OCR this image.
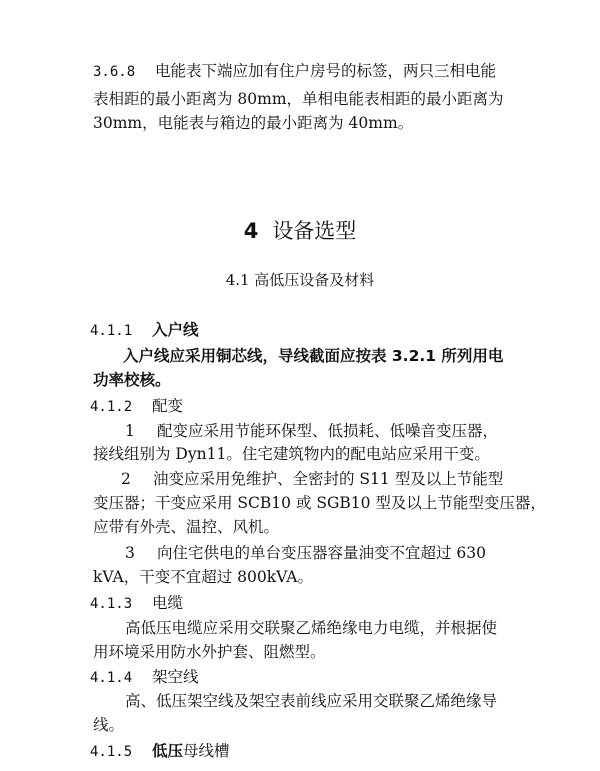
3.6.8 电能表下端应加有住户房号的标签，两只三相电能
表相距的最小距离为 80mm，单相电能表相距的最小距离为
30mm，电能表与箱边的最小距离为 40mm。
4 设备选型
4.1 高低压设备及材料
4.1.1 入户线
入户线应采用铜芯线，导线截面应按表 3.2.1 所列用电
功率校核。
4.1.2 配变
1 配变应采用节能环保型、低损耗、低噪音变压器，
接线组别为 Dyn11。住宅建筑物内的配电站应采用干变。
2 油变应采用免维护、全密封的 S11 型及以上节能型
变压器；干变应采用 SCB10 或 SGB10 型及以上节能型变压器，
应带有外壳、温控、风机。
3 向住宅供电的单台变压器容量油变不宜超过 630
kVA，干变不宜超过 800kVA。
4.1.3 电缆
高低压电缆应采用交联聚乙烯绝缘电力电缆，并根据使
用环境采用防水外护套、阻燃型。
4.1.4 架空线
高、低压架空线及架空表前线应采用交联聚乙烯绝缘导
线。
4.1.5 低压母线槽
